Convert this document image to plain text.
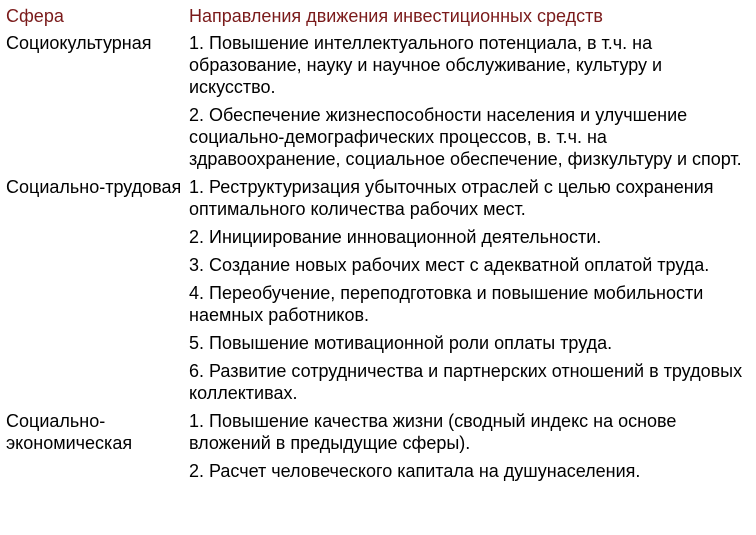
Сфера	Направления движения инвестиционных средств
Социокультурная	1. Повышение интеллектуального потенциала, в т.ч. на образование, науку и научное обслуживание, культуру и искусство.
2. Обеспечение жизнеспособности населения и улучшение социально-демографических процессов, в. т.ч. на здравоохранение, социальное обеспечение, физкультуру и спорт.
Социально-трудовая 1. Реструктуризация убыточных отраслей с целью сохранения оптимального количества рабочих мест.
2. Инициирование инновационной деятельности.
3. Создание новых рабочих мест с адекватной оплатой труда.
4. Переобучение, переподготовка и повышение мобильности наемных работников.
5. Повышение мотивационной роли оплаты труда.
6. Развитие сотрудничества и партнерских отношений в трудовых коллективах.
Социально-экономическая
1. Повышение качества жизни (сводный индекс на основе вложений в предыдущие сферы).
2. Расчет человеческого капитала на душунаселения.
